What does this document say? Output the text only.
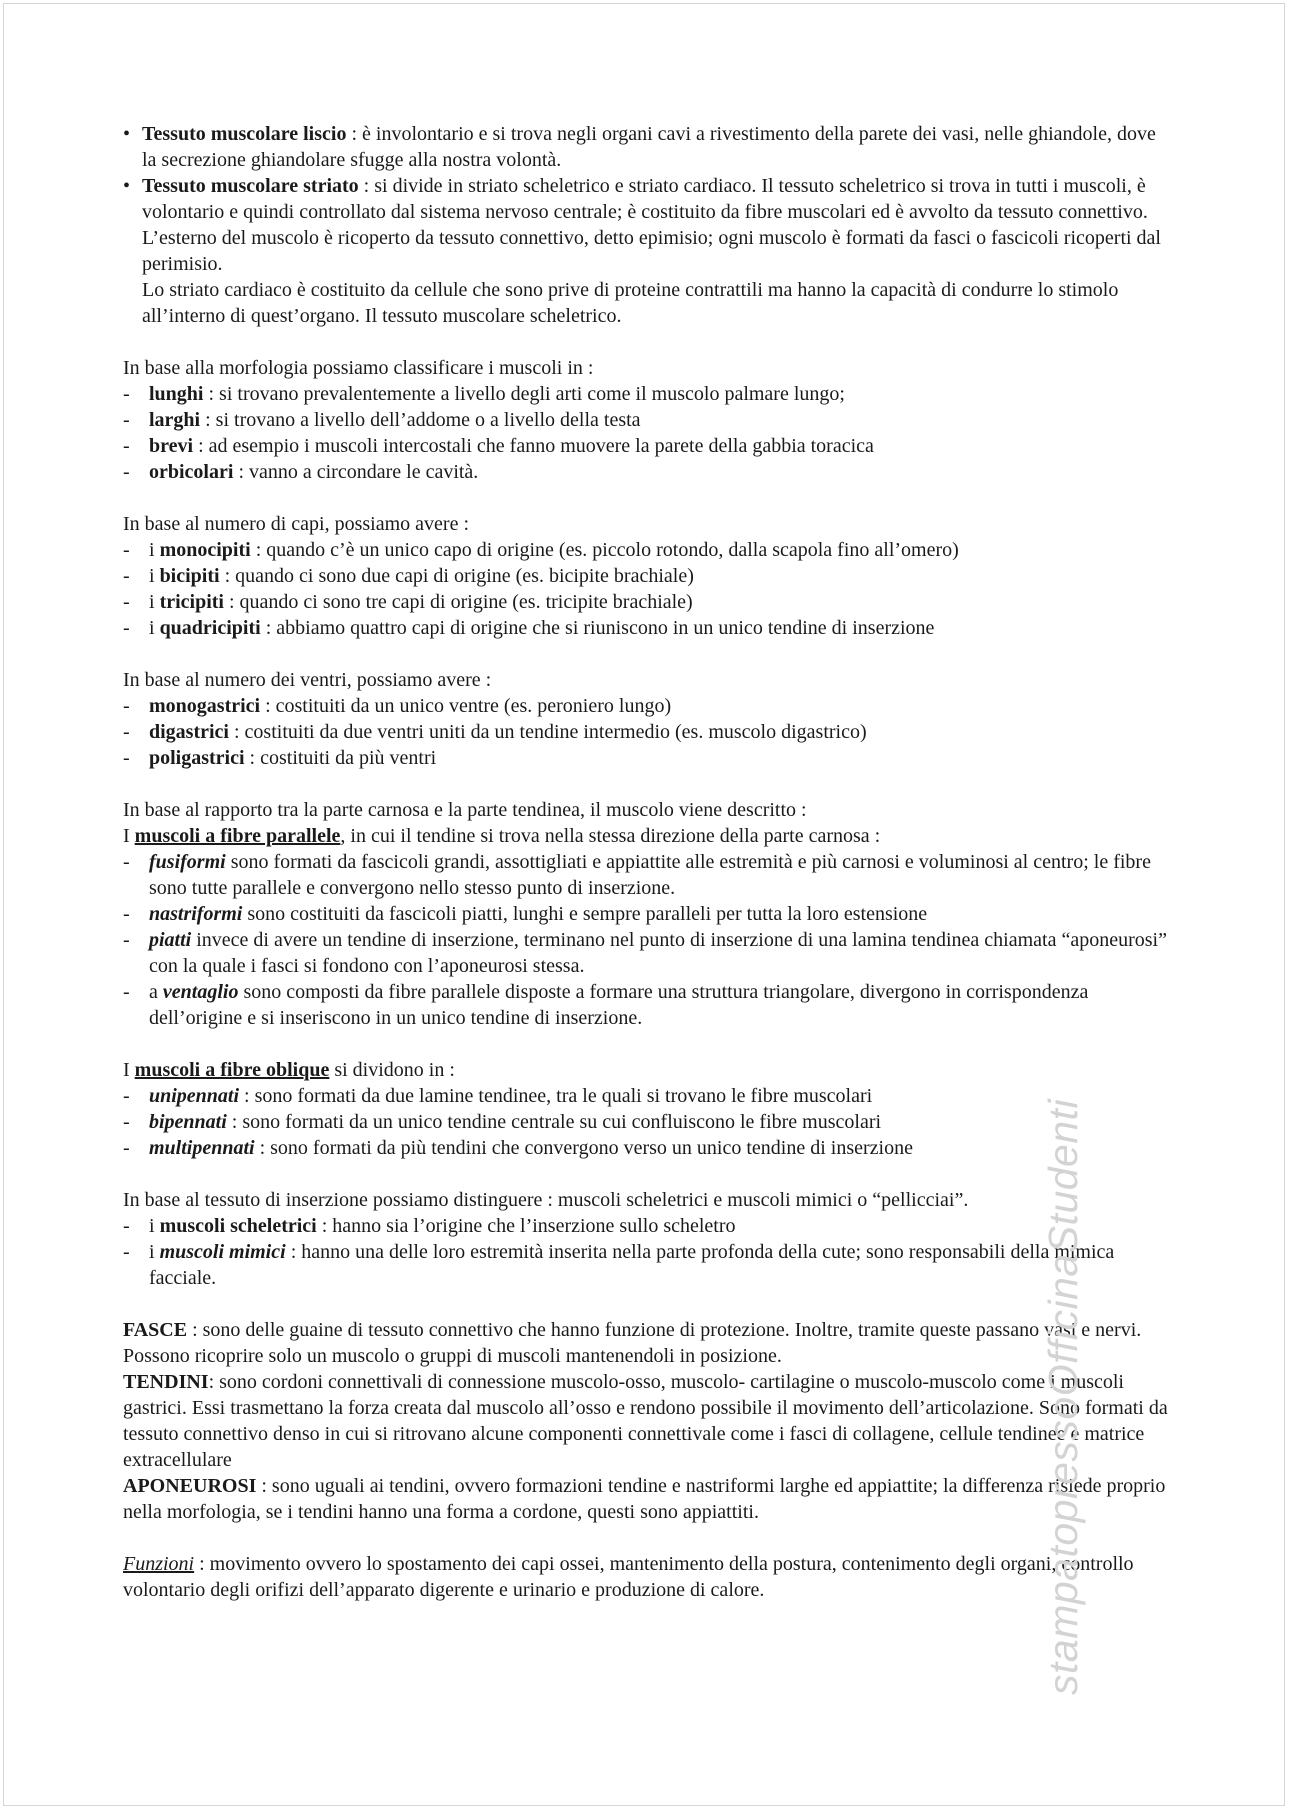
• Tessuto muscolare liscio : è involontario e si trova negli organi cavi a rivestimento della parete dei vasi, nelle ghiandole, dove la secrezione ghiandolare sfugge alla nostra volontà.

• Tessuto muscolare striato : si divide in striato scheletrico e striato cardiaco. Il tessuto scheletrico si trova in tutti i muscoli, è volontario e quindi controllato dal sistema nervoso centrale; è costituito da fibre muscolari ed è avvolto da tessuto connettivo. L’esterno del muscolo è ricoperto da tessuto connettivo, detto epimisio; ogni muscolo è formati da fasci o fascicoli ricoperti dal perimisio.
Lo striato cardiaco è costituito da cellule che sono prive di proteine contrattili ma hanno la capacità di condurre lo stimolo all’interno di quest’organo. Il tessuto muscolare scheletrico.

In base alla morfologia possiamo classificare i muscoli in :

- lunghi : si trovano prevalentemente a livello degli arti come il muscolo palmare lungo;

- larghi : si trovano a livello dell’addome o a livello della testa

- brevi : ad esempio i muscoli intercostali che fanno muovere la parete della gabbia toracica

- orbicolari : vanno a circondare le cavità.

In base al numero di capi, possiamo avere :

- i monocipiti : quando c’è un unico capo di origine (es. piccolo rotondo, dalla scapola fino all’omero)

- i bicipiti : quando ci sono due capi di origine (es. bicipite brachiale)

- i tricipiti : quando ci sono tre capi di origine (es. tricipite brachiale)

- i quadricipiti : abbiamo quattro capi di origine che si riuniscono in un unico tendine di inserzione

In base al numero dei ventri, possiamo avere :

- monogastrici : costituiti da un unico ventre (es. peroniero lungo)

- digastrici : costituiti da due ventri uniti da un tendine intermedio (es. muscolo digastrico)

- poligastrici : costituiti da più ventri

In base al rapporto tra la parte carnosa e la parte tendinea, il muscolo viene descritto :

I muscoli a fibre parallele, in cui il tendine si trova nella stessa direzione della parte carnosa :

- fusiformi sono formati da fascicoli grandi, assottigliati e appiattite alle estremità e più carnosi e voluminosi al centro; le fibre sono tutte parallele e convergono nello stesso punto di inserzione.

- nastriformi sono costituiti da fascicoli piatti, lunghi e sempre paralleli per tutta la loro estensione

- piatti invece di avere un tendine di inserzione, terminano nel punto di inserzione di una lamina tendinea chiamata “aponeurosi” con la quale i fasci si fondono con l’aponeurosi stessa.

- a ventaglio sono composti da fibre parallele disposte a formare una struttura triangolare, divergono in corrispondenza dell’origine e si inseriscono in un unico tendine di inserzione.

I muscoli a fibre oblique si dividono in :

- unipennati : sono formati da due lamine tendinee, tra le quali si trovano le fibre muscolari

- bipennati : sono formati da un unico tendine centrale su cui confluiscono le fibre muscolari

- multipennati : sono formati da più tendini che convergono verso un unico tendine di inserzione

In base al tessuto di inserzione possiamo distinguere : muscoli scheletrici e muscoli mimici o “pellicciai”.

- i muscoli scheletrici : hanno sia l’origine che l’inserzione sullo scheletro

- i muscoli mimici : hanno una delle loro estremità inserita nella parte profonda della cute; sono responsabili della mimica facciale.

FASCE : sono delle guaine di tessuto connettivo che hanno funzione di protezione. Inoltre, tramite queste passano vasi e nervi. Possono ricoprire solo un muscolo o gruppi di muscoli mantenendoli in posizione.

TENDINI: sono cordoni connettivali di connessione muscolo-osso, muscolo- cartilagine o muscolo-muscolo come i muscoli gastrici. Essi trasmettano la forza creata dal muscolo all’osso e rendono possibile il movimento dell’articolazione. Sono formati da tessuto connettivo denso in cui si ritrovano alcune componenti connettivale come i fasci di collagene, cellule tendinee e matrice extracellulare

APONEUROSI : sono uguali ai tendini, ovvero formazioni tendine e nastriformi larghe ed appiattite; la differenza risiede proprio nella morfologia, se i tendini hanno una forma a cordone, questi sono appiattiti.

Funzioni : movimento ovvero lo spostamento dei capi ossei, mantenimento della postura, contenimento degli organi, controllo volontario degli orifizi dell’apparato digerente e urinario e produzione di calore.	stampatopressoOfficinaStudenti
